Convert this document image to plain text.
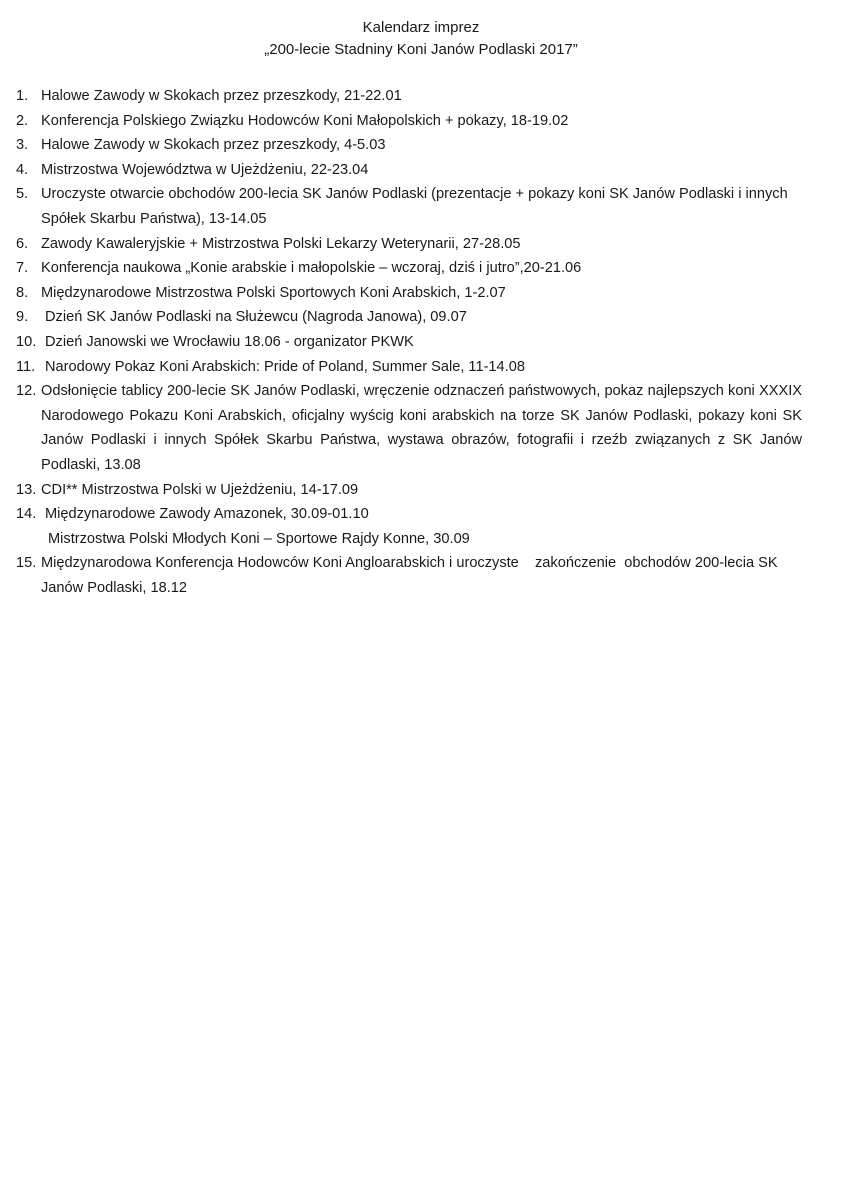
Kalendarz imprez
„200-lecie Stadniny Koni Janów Podlaski 2017”
1. Halowe Zawody w Skokach przez przeszkody, 21-22.01
2. Konferencja Polskiego Związku Hodowców Koni Małopolskich + pokazy, 18-19.02
3. Halowe Zawody w Skokach przez przeszkody, 4-5.03
4. Mistrzostwa Województwa w Ujeżdżeniu, 22-23.04
5. Uroczyste otwarcie obchodów 200-lecia SK Janów Podlaski (prezentacje + pokazy koni SK Janów Podlaski i innych Spółek Skarbu Państwa), 13-14.05
6. Zawody Kawaleryjskie + Mistrzostwa Polski Lekarzy Weterynarii, 27-28.05
7. Konferencja naukowa „Konie arabskie i małopolskie – wczoraj, dziś i jutro”,20-21.06
8. Międzynarodowe Mistrzostwa Polski Sportowych Koni Arabskich, 1-2.07
9. Dzień SK Janów Podlaski na Służewcu (Nagroda Janowa), 09.07
10. Dzień Janowski we Wrocławiu 18.06 - organizator PKWK
11. Narodowy Pokaz Koni Arabskich: Pride of Poland, Summer Sale, 11-14.08
12. Odsłonięcie tablicy 200-lecie SK Janów Podlaski, wręczenie odznaczeń państwowych, pokaz najlepszych koni XXXIX Narodowego Pokazu Koni Arabskich, oficjalny wyścig koni arabskich na torze SK Janów Podlaski, pokazy koni SK Janów Podlaski i innych Spółek Skarbu Państwa, wystawa obrazów, fotografii i rzeźb związanych z SK Janów Podlaski, 13.08
13. CDI** Mistrzostwa Polski w Ujeżdżeniu, 14-17.09
14. Międzynarodowe Zawody Amazonek, 30.09-01.10
Mistrzostwa Polski Młodych Koni – Sportowe Rajdy Konne, 30.09
15. Międzynarodowa Konferencja Hodowców Koni Angloarabskich i uroczyste    zakończenie  obchodów 200-lecia SK Janów Podlaski, 18.12
